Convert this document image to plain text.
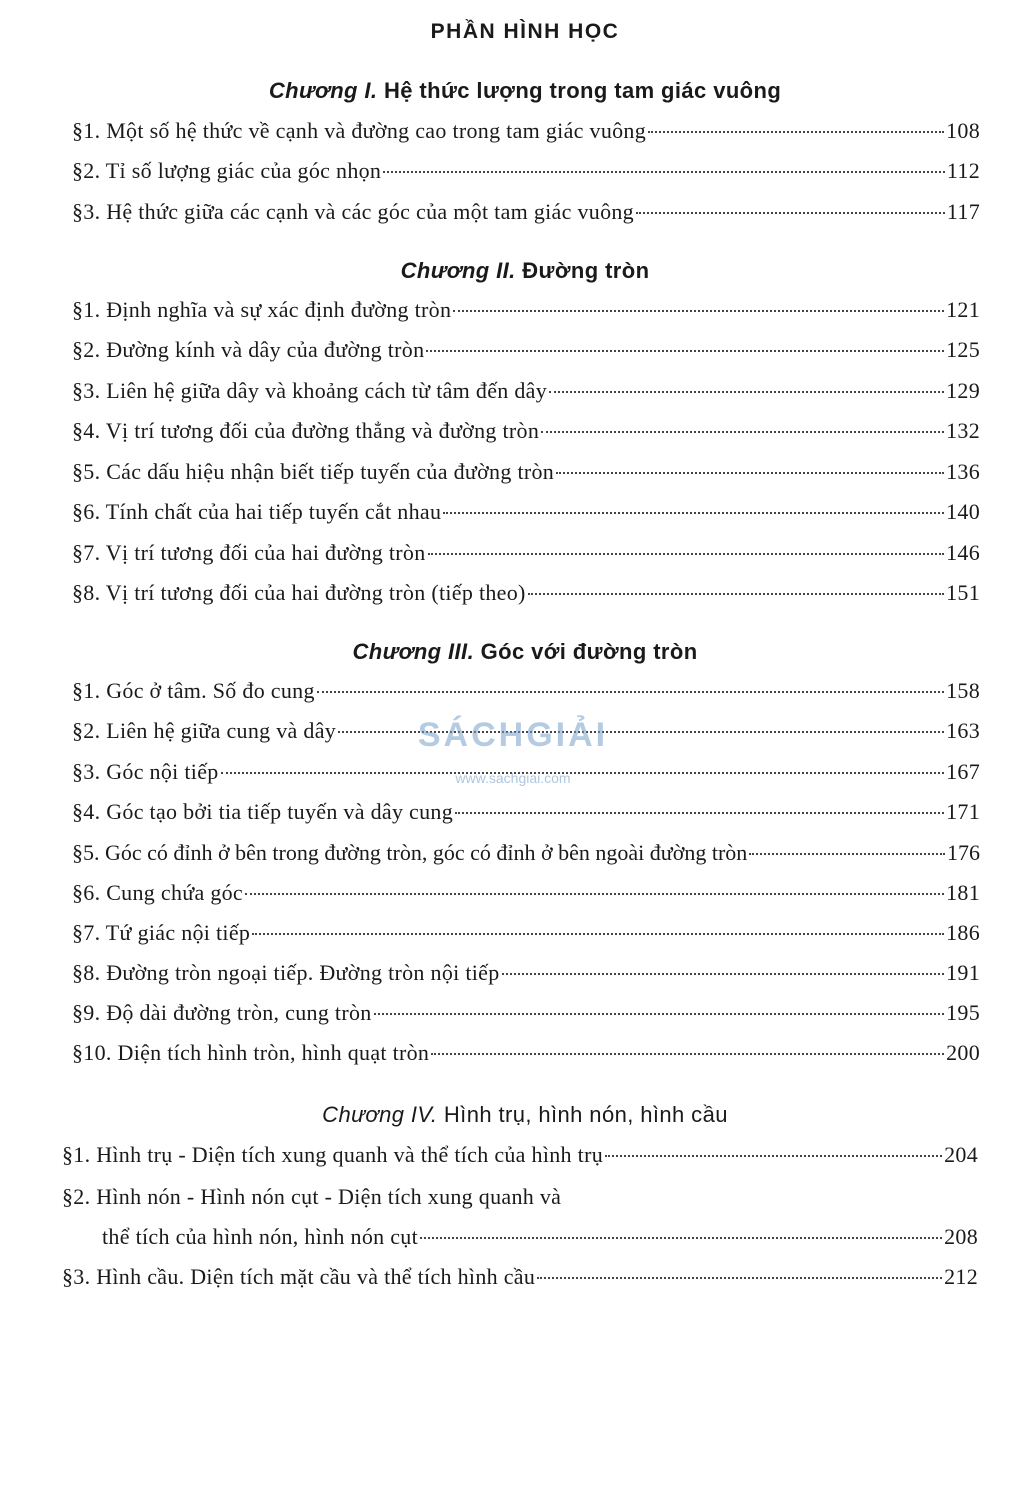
PHẦN HÌNH HỌC
Chương I. Hệ thức lượng trong tam giác vuông
§1. Một số hệ thức về cạnh và đường cao trong tam giác vuông	108
§2. Tỉ số lượng giác của góc nhọn	112
§3. Hệ thức giữa các cạnh và các góc của một tam giác vuông	117
Chương II. Đường tròn
§1. Định nghĩa và sự xác định đường tròn	121
§2. Đường kính và dây của đường tròn	125
§3. Liên hệ giữa dây và khoảng cách từ tâm đến dây	129
§4. Vị trí tương đối của đường thẳng và đường tròn	132
§5. Các dấu hiệu nhận biết tiếp tuyến của đường tròn	136
§6. Tính chất của hai tiếp tuyến cắt nhau	140
§7. Vị trí tương đối của hai đường tròn	146
§8. Vị trí tương đối của hai đường tròn (tiếp theo)	151
Chương III. Góc với đường tròn
§1. Góc ở tâm. Số đo cung	158
§2. Liên hệ giữa cung và dây	163
§3. Góc nội tiếp	167
§4. Góc tạo bởi tia tiếp tuyến và dây cung	171
§5. Góc có đỉnh ở bên trong đường tròn, góc có đỉnh ở bên ngoài đường tròn	176
§6. Cung chứa góc	181
§7. Tứ giác nội tiếp	186
§8. Đường tròn ngoại tiếp. Đường tròn nội tiếp	191
§9. Độ dài đường tròn, cung tròn	195
§10. Diện tích hình tròn, hình quạt tròn	200
Chương IV. Hình trụ, hình nón, hình cầu
§1. Hình trụ - Diện tích xung quanh và thể tích của hình trụ	204
§2. Hình nón - Hình nón cụt - Diện tích xung quanh và
thể tích của hình nón, hình nón cụt	208
§3. Hình cầu. Diện tích mặt cầu và thể tích hình cầu	212
SÁCHGIẢI
www.sachgiai.com
